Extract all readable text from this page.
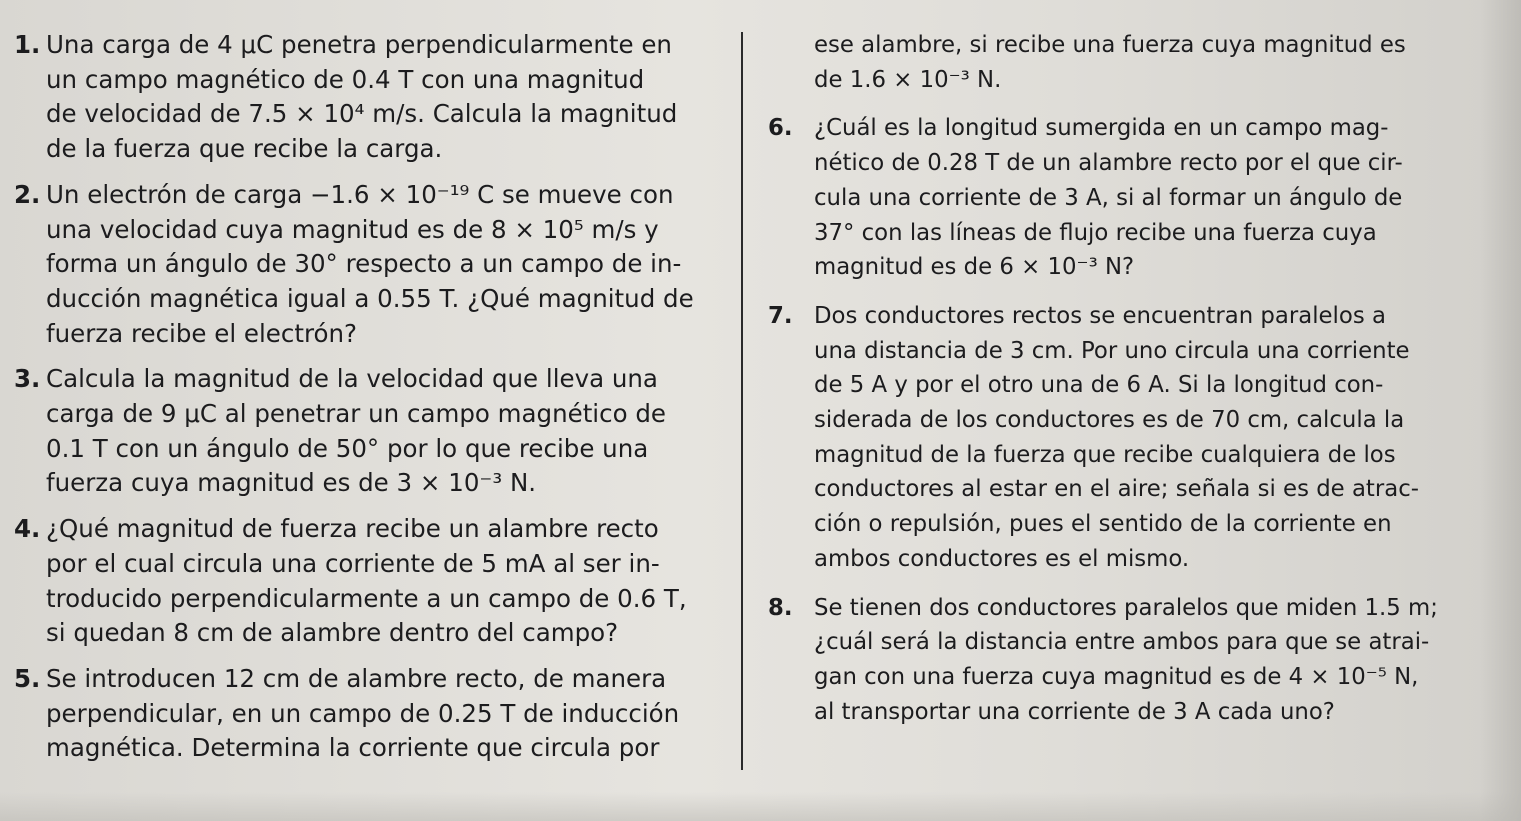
1. Una carga de 4 μC penetra perpendicularmente en
un campo magnético de 0.4 T con una magnitud
de velocidad de 7.5 × 10⁴ m/s. Calcula la magnitud
de la fuerza que recibe la carga.
2. Un electrón de carga −1.6 × 10⁻¹⁹ C se mueve con
una velocidad cuya magnitud es de 8 × 10⁵ m/s y
forma un ángulo de 30° respecto a un campo de in-
ducción magnética igual a 0.55 T. ¿Qué magnitud de
fuerza recibe el electrón?
3. Calcula la magnitud de la velocidad que lleva una
carga de 9 μC al penetrar un campo magnético de
0.1 T con un ángulo de 50° por lo que recibe una
fuerza cuya magnitud es de 3 × 10⁻³ N.
4. ¿Qué magnitud de fuerza recibe un alambre recto
por el cual circula una corriente de 5 mA al ser in-
troducido perpendicularmente a un campo de 0.6 T,
si quedan 8 cm de alambre dentro del campo?
5. Se introducen 12 cm de alambre recto, de manera
perpendicular, en un campo de 0.25 T de inducción
magnética. Determina la corriente que circula por
ese alambre, si recibe una fuerza cuya magnitud es
de 1.6 × 10⁻³ N.
6. ¿Cuál es la longitud sumergida en un campo mag-
nético de 0.28 T de un alambre recto por el que cir-
cula una corriente de 3 A, si al formar un ángulo de
37° con las líneas de flujo recibe una fuerza cuya
magnitud es de 6 × 10⁻³ N?
7. Dos conductores rectos se encuentran paralelos a
una distancia de 3 cm. Por uno circula una corriente
de 5 A y por el otro una de 6 A. Si la longitud con-
siderada de los conductores es de 70 cm, calcula la
magnitud de la fuerza que recibe cualquiera de los
conductores al estar en el aire; señala si es de atrac-
ción o repulsión, pues el sentido de la corriente en
ambos conductores es el mismo.
8. Se tienen dos conductores paralelos que miden 1.5 m;
¿cuál será la distancia entre ambos para que se atrai-
gan con una fuerza cuya magnitud es de 4 × 10⁻⁵ N,
al transportar una corriente de 3 A cada uno?
